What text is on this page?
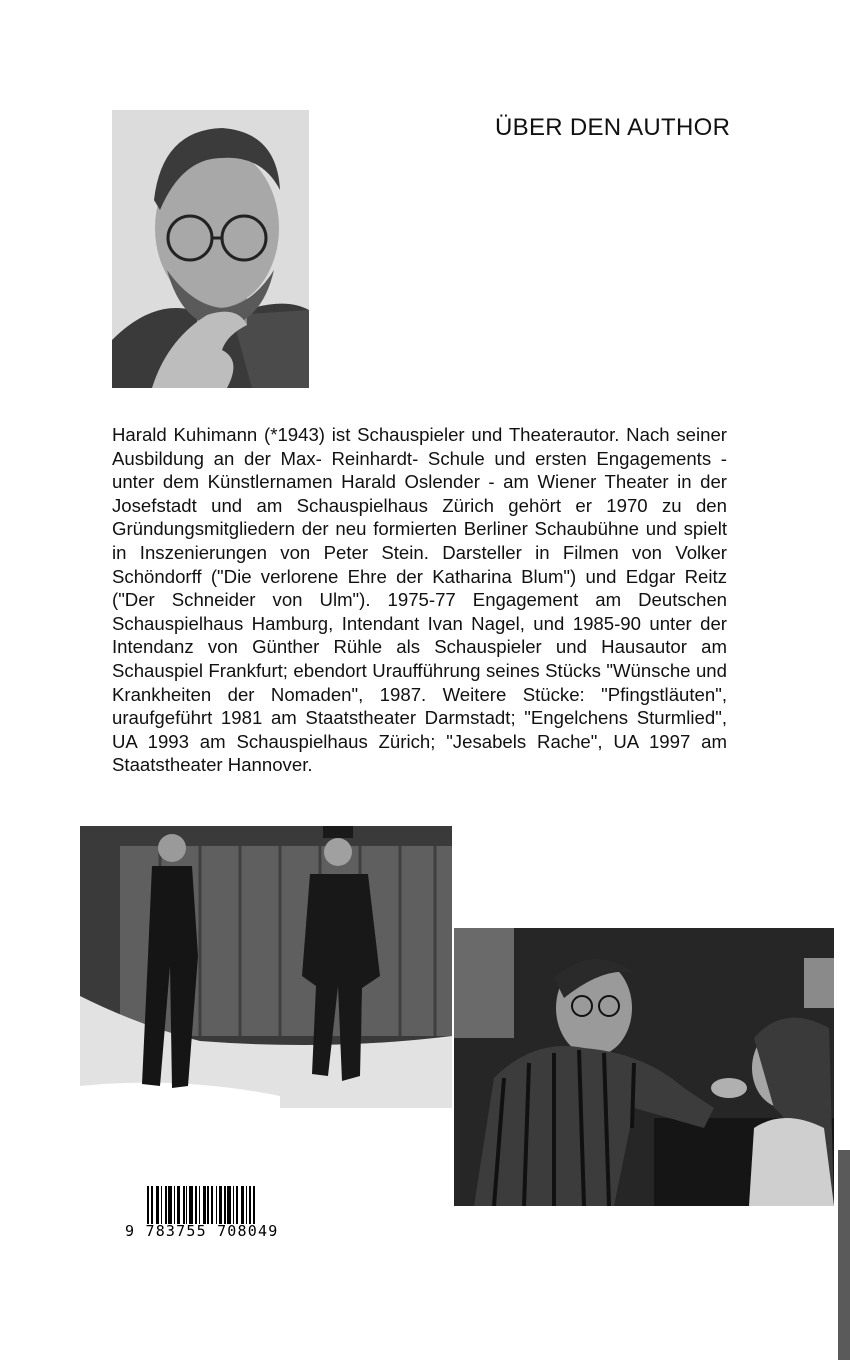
ÜBER DEN AUTHOR

Harald Kuhimann (*1943) ist Schauspieler und Theaterautor. Nach seiner Ausbildung an der Max- Reinhardt- Schule und ersten Engagements - unter dem Künstlernamen Harald Oslender - am Wiener Theater in der Josefstadt und am Schauspielhaus Zürich gehört er 1970 zu den Gründungsmitgliedern der neu formierten Berliner Schaubühne und spielt in Inszenierungen von Peter Stein. Darsteller in Filmen von Volker Schöndorff ("Die verlorene Ehre der Katharina Blum") und Edgar Reitz ("Der Schneider von Ulm"). 1975-77 Engagement am Deutschen Schauspielhaus Hamburg, Intendant Ivan Nagel, und 1985-90 unter der Intendanz von Günther Rühle als Schauspieler und Hausautor am Schauspiel Frankfurt; ebendort Uraufführung seines Stücks "Wünsche und Krankheiten der Nomaden", 1987. Weitere Stücke: "Pfingstläuten", uraufgeführt 1981 am Staatstheater Darmstadt; "Engelchens Sturmlied", UA 1993 am Schauspielhaus Zürich; "Jesabels Rache", UA 1997 am Staatstheater Hannover.

9 783755 708049
